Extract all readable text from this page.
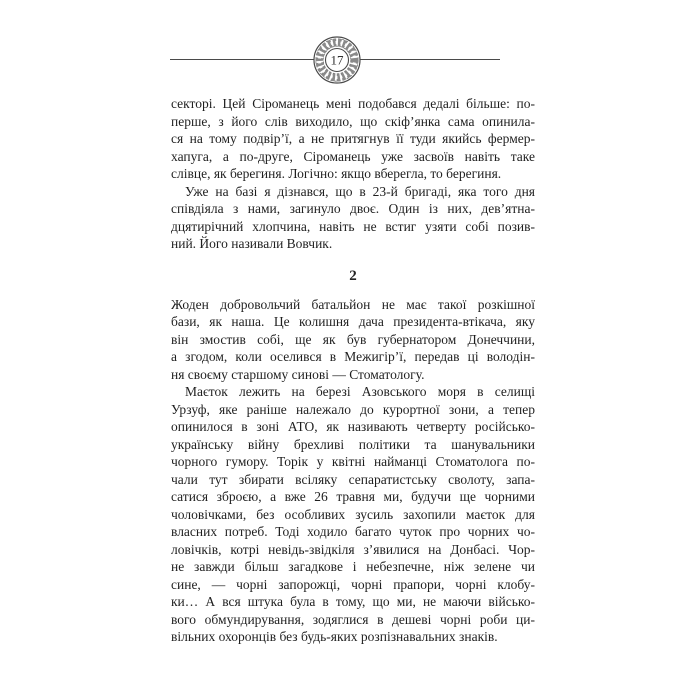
17
секторі. Цей Сіроманець мені подобався дедалі більше: по-
перше, з його слів виходило, що скіф’янка сама опинила-
ся на тому подвір’ї, а не притягнув її туди якийсь фермер-
хапуга, а по-друге, Сіроманець уже засвоїв навіть таке
слівце, як берегиня. Логічно: якщо вберегла, то берегиня.
Уже на базі я дізнався, що в 23-й бригаді, яка того дня
співдіяла з нами, загинуло двоє. Один із них, дев’ятна-
дцятирічний хлопчина, навіть не встиг узяти собі позив-
ний. Його називали Вовчик.
2
Жоден добровольчий батальйон не має такої розкішної
бази, як наша. Це колишня дача президента-втікача, яку
він змостив собі, ще як був губернатором Донеччини,
а згодом, коли оселився в Межигір’ї, передав ці володін-
ня своєму старшому синові — Стоматологу.
Маєток лежить на березі Азовського моря в селищі
Урзуф, яке раніше належало до курортної зони, а тепер
опинилося в зоні АТО, як називають четверту російсько-
українську війну брехливі політики та шанувальники
чорного гумору. Торік у квітні найманці Стоматолога по-
чали тут збирати всіляку сепаратистську сволоту, запа-
сатися зброєю, а вже 26 травня ми, будучи ще чорними
чоловічками, без особливих зусиль захопили маєток для
власних потреб. Тоді ходило багато чуток про чорних чо-
ловічків, котрі невідь-звідкіля з’явилися на Донбасі. Чор-
не завжди більш загадкове і небезпечне, ніж зелене чи
сине, — чорні запорожці, чорні прапори, чорні клобу-
ки… А вся штука була в тому, що ми, не маючи військо-
вого обмундирування, зодяглися в дешеві чорні роби ци-
вільних охоронців без будь-яких розпізнавальних знаків.
